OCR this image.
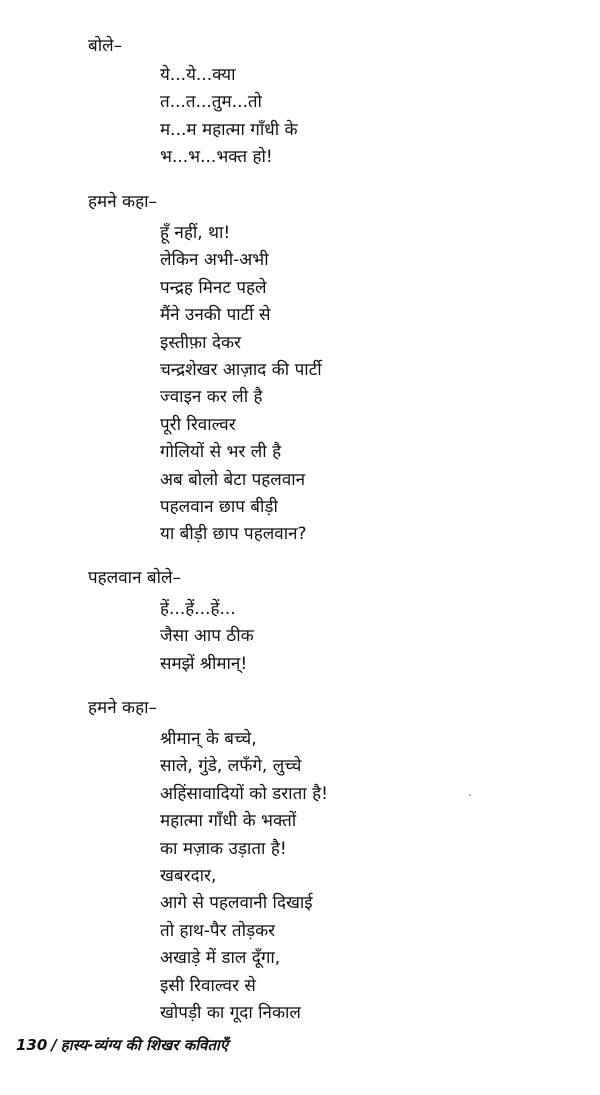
बोले–
ये...ये...क्या
त...त...तुम...तो
म...म महात्मा गाँधी के
भ...भ...भक्त हो!
हमने कहा–
हूँ नहीं, था!
लेकिन अभी-अभी
पन्द्रह मिनट पहले
मैंने उनकी पार्टी से
इस्तीफ़ा देकर
चन्द्रशेखर आज़ाद की पार्टी
ज्वाइन कर ली है
पूरी रिवाल्वर
गोलियों से भर ली है
अब बोलो बेटा पहलवान
पहलवान छाप बीड़ी
या बीड़ी छाप पहलवान?
पहलवान बोले–
हें...हें...हें...
जैसा आप ठीक
समझें श्रीमान्!
हमने कहा–
श्रीमान् के बच्चे,
साले, गुंडे, लफँगे, लुच्चे
अहिंसावादियों को डराता है!
महात्मा गाँधी के भक्तों
का मज़ाक उड़ाता है!
खबरदार,
आगे से पहलवानी दिखाई
तो हाथ-पैर तोड़कर
अखाड़े में डाल दूँगा,
इसी रिवाल्वर से
खोपड़ी का गूदा निकाल
130 / हास्य-व्यंग्य की शिखर कविताएँ
